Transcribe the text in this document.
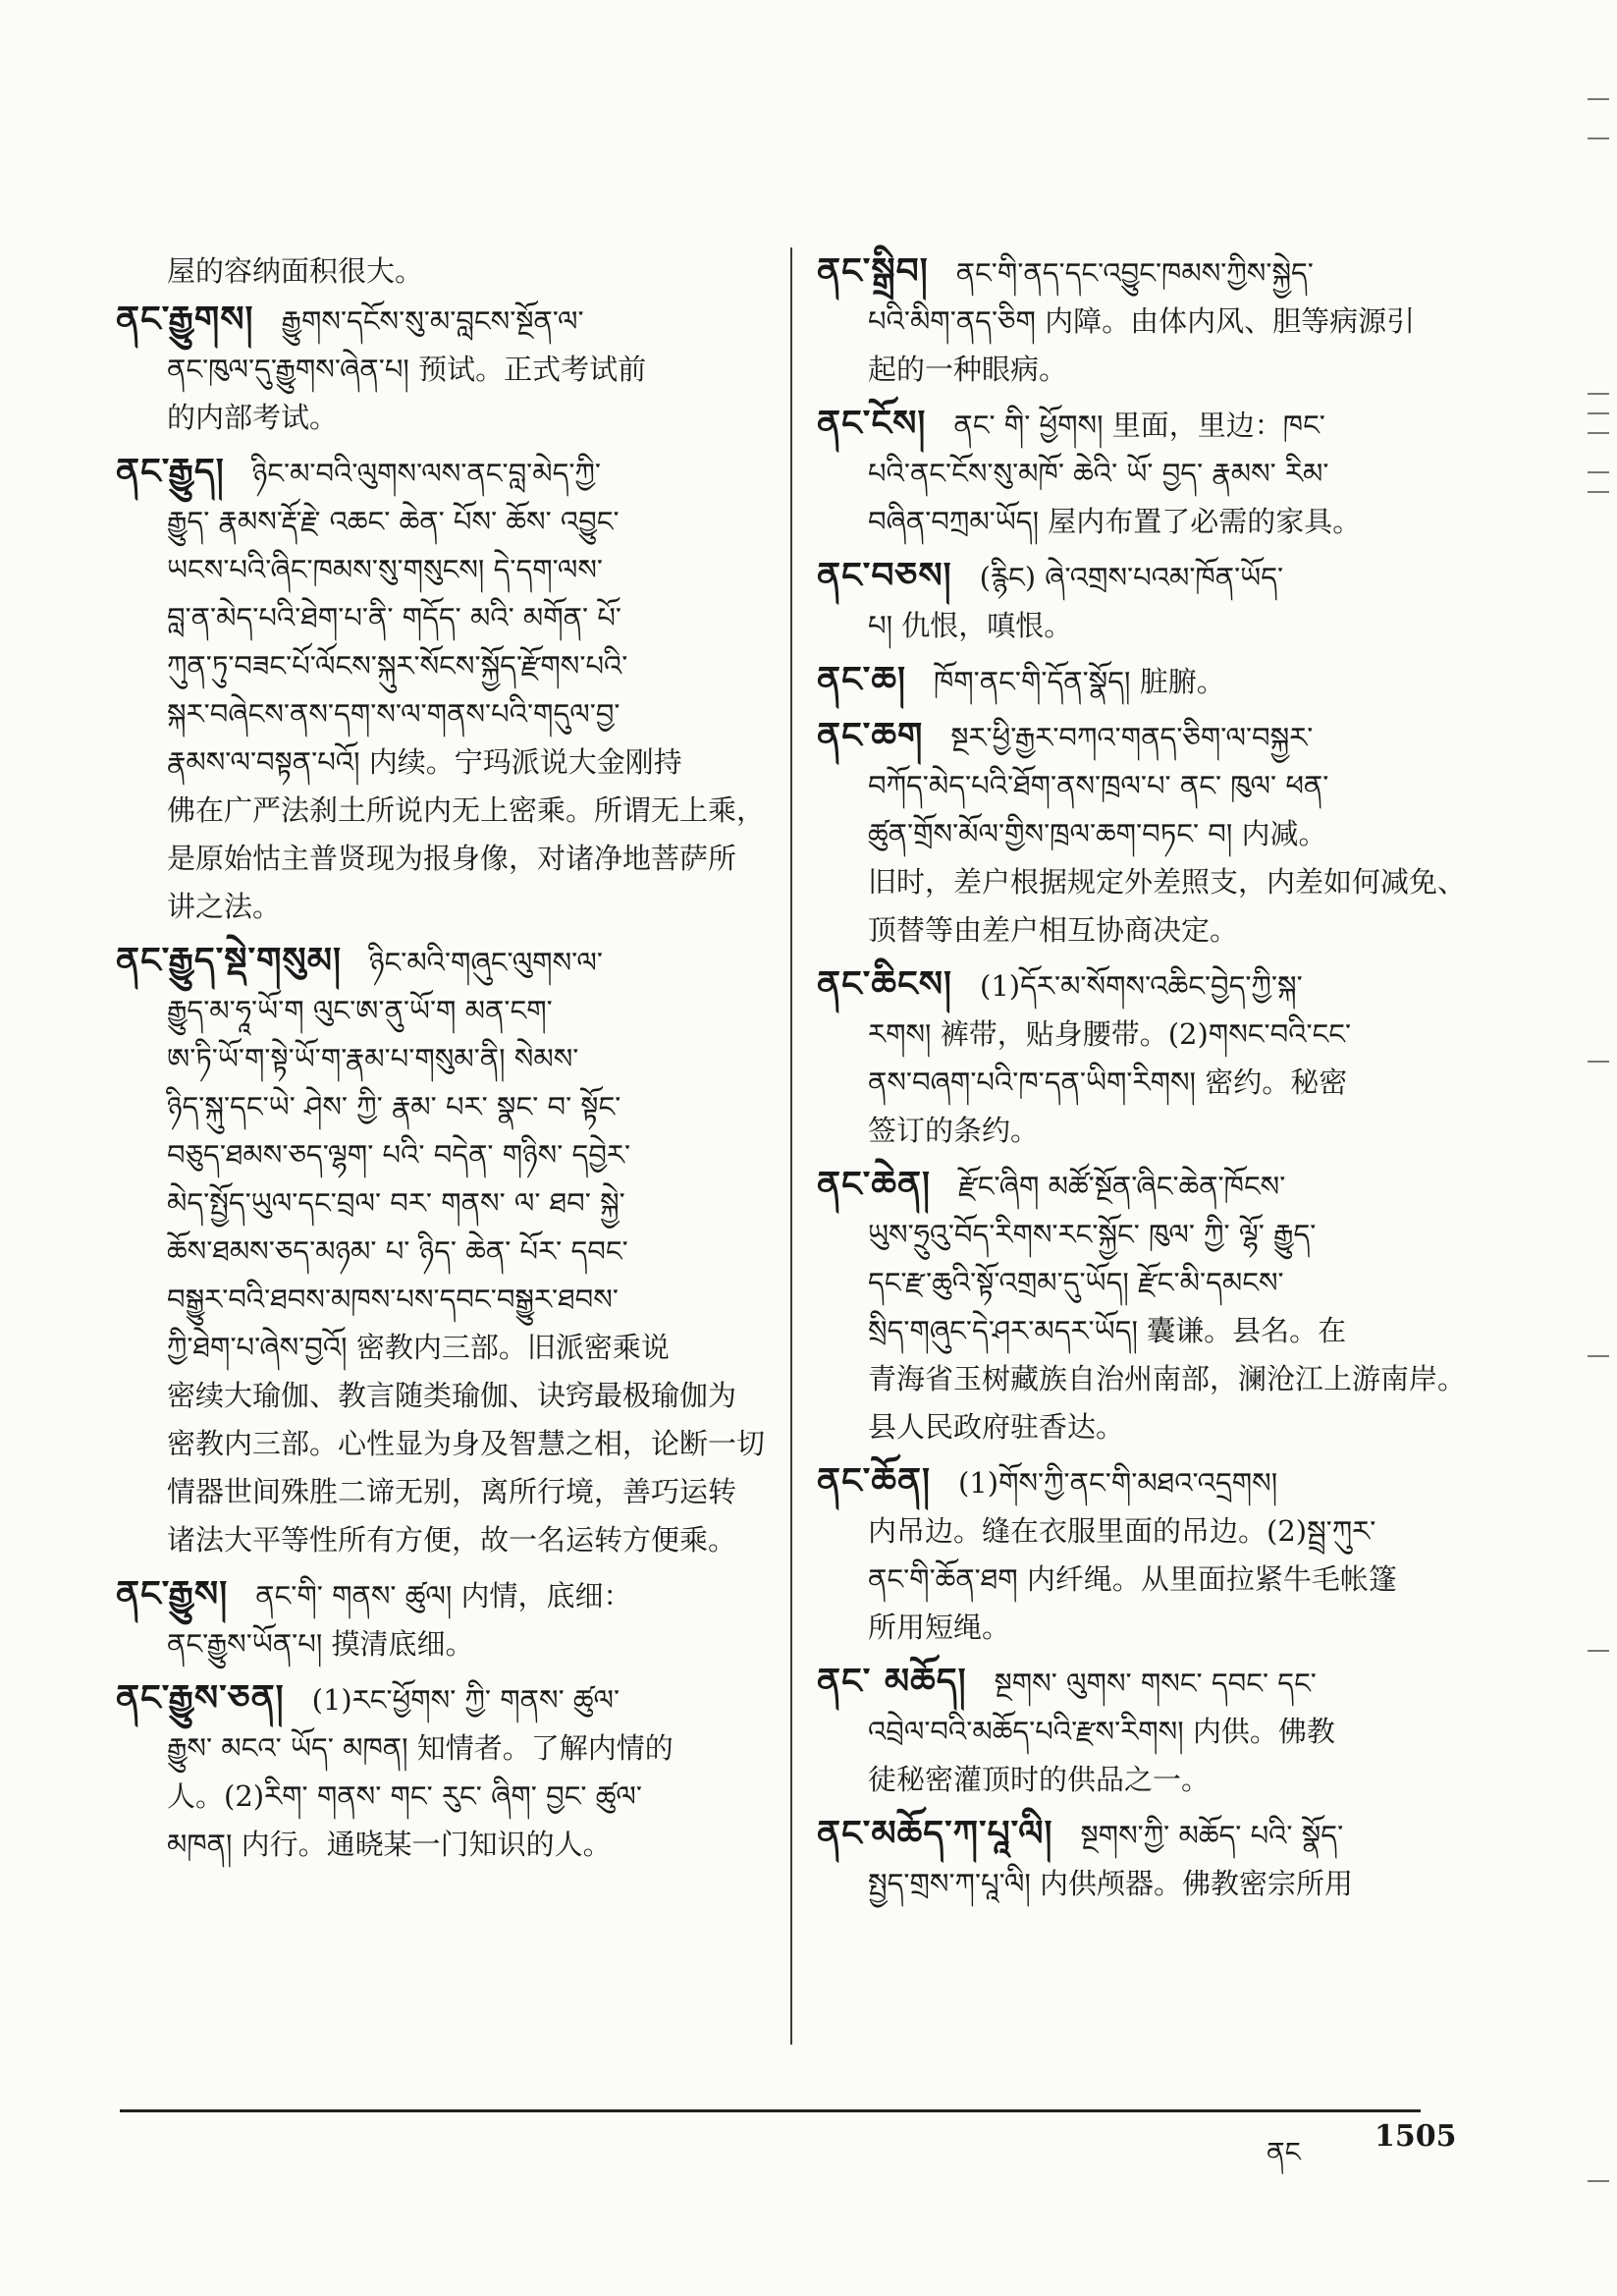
屋的容纳面积很大。

ནང་རྒྱུགས། རྒྱུགས་དངོས་སུ་མ་བླངས་སྔོན་ལ་

ནང་ཁུལ་དུ་རྒྱུགས་ཞེན་པ། 预试。正式考试前

的内部考试。

ནང་རྒྱུད། ཉིང་མ་བའི་ལུགས་ལས་ནང་བླ་མེད་ཀྱི་

རྒྱུད་ རྣམས་རྡོ་རྗེ་ འཆང་ ཆེན་ པོས་ ཆོས་ འབྱུང་

ཡངས་པའི་ཞིང་ཁམས་སུ་གསུངས། དེ་དག་ལས་

བླ་ན་མེད་པའི་ཐེག་པ་ནི་ གདོད་ མའི་ མགོན་ པོ་

ཀུན་ཏུ་བཟང་པོ་ལོངས་སྐུར་སོངས་སྐྱོད་རྫོགས་པའི་

སྐར་བཞེངས་ནས་དག་ས་ལ་གནས་པའི་གདུལ་བྱ་

རྣམས་ལ་བསྟན་པའོ། 内续。宁玛派说大金刚持

佛在广严法刹土所说内无上密乘。所谓无上乘，

是原始怙主普贤现为报身像，对诸净地菩萨所

讲之法。

ནང་རྒྱུད་སྡེ་གསུམ། ཉིང་མའི་གཞུང་ལུགས་ལ་

རྒྱུད་མ་ཧཱ་ཡོ་ག ལུང་ཨ་ནུ་ཡོ་ག མན་ངག་

ཨ་ཏི་ཡོ་ག་སྟེ་ཡོ་ག་རྣམ་པ་གསུམ་ནི། སེམས་

ཉིད་སྐུ་དང་ཡེ་ ཤེས་ ཀྱི་ རྣམ་ པར་ སྣང་ བ་ སྟོང་

བཅུད་ཐམས་ཅད་ལྷག་ པའི་ བདེན་ གཉིས་ དབྱེར་

མེད་སྤྱོད་ཡུལ་དང་བྲལ་ བར་ གནས་ ལ་ ཐབ་ སྐྱེ་

ཆོས་ཐམས་ཅད་མཉམ་ པ་ ཉིད་ ཆེན་ པོར་ དབང་

བསྒྱུར་བའི་ཐབས་མཁས་པས་དབང་བསྒྱུར་ཐབས་

ཀྱི་ཐེག་པ་ཞེས་བྱའོ། 密教内三部。旧派密乘说

密续大瑜伽、教言随类瑜伽、诀窍最极瑜伽为

密教内三部。心性显为身及智慧之相，论断一切

情器世间殊胜二谛无别，离所行境，善巧运转

诸法大平等性所有方便，故一名运转方便乘。

ནང་རྒྱུས། ནང་གི་ གནས་ ཚུལ། 内情，底细：

ནང་རྒྱུས་ཡོན་པ། 摸清底细。

ནང་རྒྱུས་ཅན། (1)རང་ཕྱོགས་ ཀྱི་ གནས་ ཚུལ་

རྒྱུས་ མངའ་ ཡོད་ མཁན། 知情者。了解内情的

人。(2)རིག་ གནས་ གང་ རུང་ ཞིག་ བྱང་ ཚུལ་

མཁན། 内行。通晓某一门知识的人。

ནང་སྒྲིབ། ནང་གི་ནད་དང་འབྱུང་ཁམས་ཀྱིས་སྐྱེད་

པའི་མིག་ནད་ཅིག 内障。由体内风、胆等病源引

起的一种眼病。

ནང་ངོས། ནང་ གི་ ཕྱོགས། 里面，里边：ཁང་

པའི་ནང་ངོས་སུ་མཁོ་ ཆེའི་ ཡོ་ བྱད་ རྣམས་ རིམ་

བཞིན་བཀྲམ་ཡོད། 屋内布置了必需的家具。

ནང་བཅས། (རྙིང) ཞེ་འགྲས་པའམ་ཁོན་ཡོད་

པ། 仇恨，嗔恨。

ནང་ཆ། ཁོག་ནང་གི་དོན་སྣོད། 脏腑。

ནང་ཆག སྔར་ཕྱི་རྒྱར་བཀའ་གནད་ཅིག་ལ་བསྐྱར་

བཀོད་མེད་པའི་ཐོག་ནས་ཁྲལ་པ་ ནང་ ཁུལ་ ཕན་

ཚུན་གྲོས་མོལ་གྱིས་ཁྲལ་ཆག་བཏང་ བ། 内减。

旧时，差户根据规定外差照支，内差如何减免、

顶替等由差户相互协商决定。

ནང་ཆིངས། (1)དོར་མ་སོགས་འཆིང་བྱེད་ཀྱི་སྐ་

རགས། 裤带，贴身腰带。(2)གསང་བའི་ངང་

ནས་བཞག་པའི་ཁ་དན་ཡིག་རིགས། 密约。秘密

签订的条约。

ནང་ཆེན། རྫོང་ཞིག མཚོ་སྔོན་ཞིང་ཆེན་ཁོངས་

ཡུས་ཧྲུའུ་བོད་རིགས་རང་སྐྱོང་ ཁུལ་ ཀྱི་ ལྷོ་ རྒྱུད་

དང་རྫ་ཆུའི་སྟོ་འགྲམ་དུ་ཡོད། རྫོང་མི་དམངས་

སྲིད་གཞུང་དེ་ཤར་མདར་ཡོད། 囊谦。县名。在

青海省玉树藏族自治州南部，澜沧江上游南岸。

县人民政府驻香达。

ནང་ཆོན། (1)གོས་ཀྱི་ནང་གི་མཐའ་འདྲགས།

内吊边。缝在衣服里面的吊边。(2)སྦྲ་ཀུར་

ནང་གི་ཆོན་ཐག 内纤绳。从里面拉紧牛毛帐篷

所用短绳。

ནང་ མཆོད། སྔགས་ ལུགས་ གསང་ དབང་ དང་

འབྲེལ་བའི་མཆོད་པའི་རྫས་རིགས། 内供。佛教

徒秘密灌顶时的供品之一。

ནང་མཆོད་ཀ་པཱ་ལི། སྔགས་ཀྱི་ མཆོད་ པའི་ སྣོད་

སྤྱད་གྲས་ཀ་པཱ་ལི། 内供颅器。佛教密宗所用

ནང	1505
